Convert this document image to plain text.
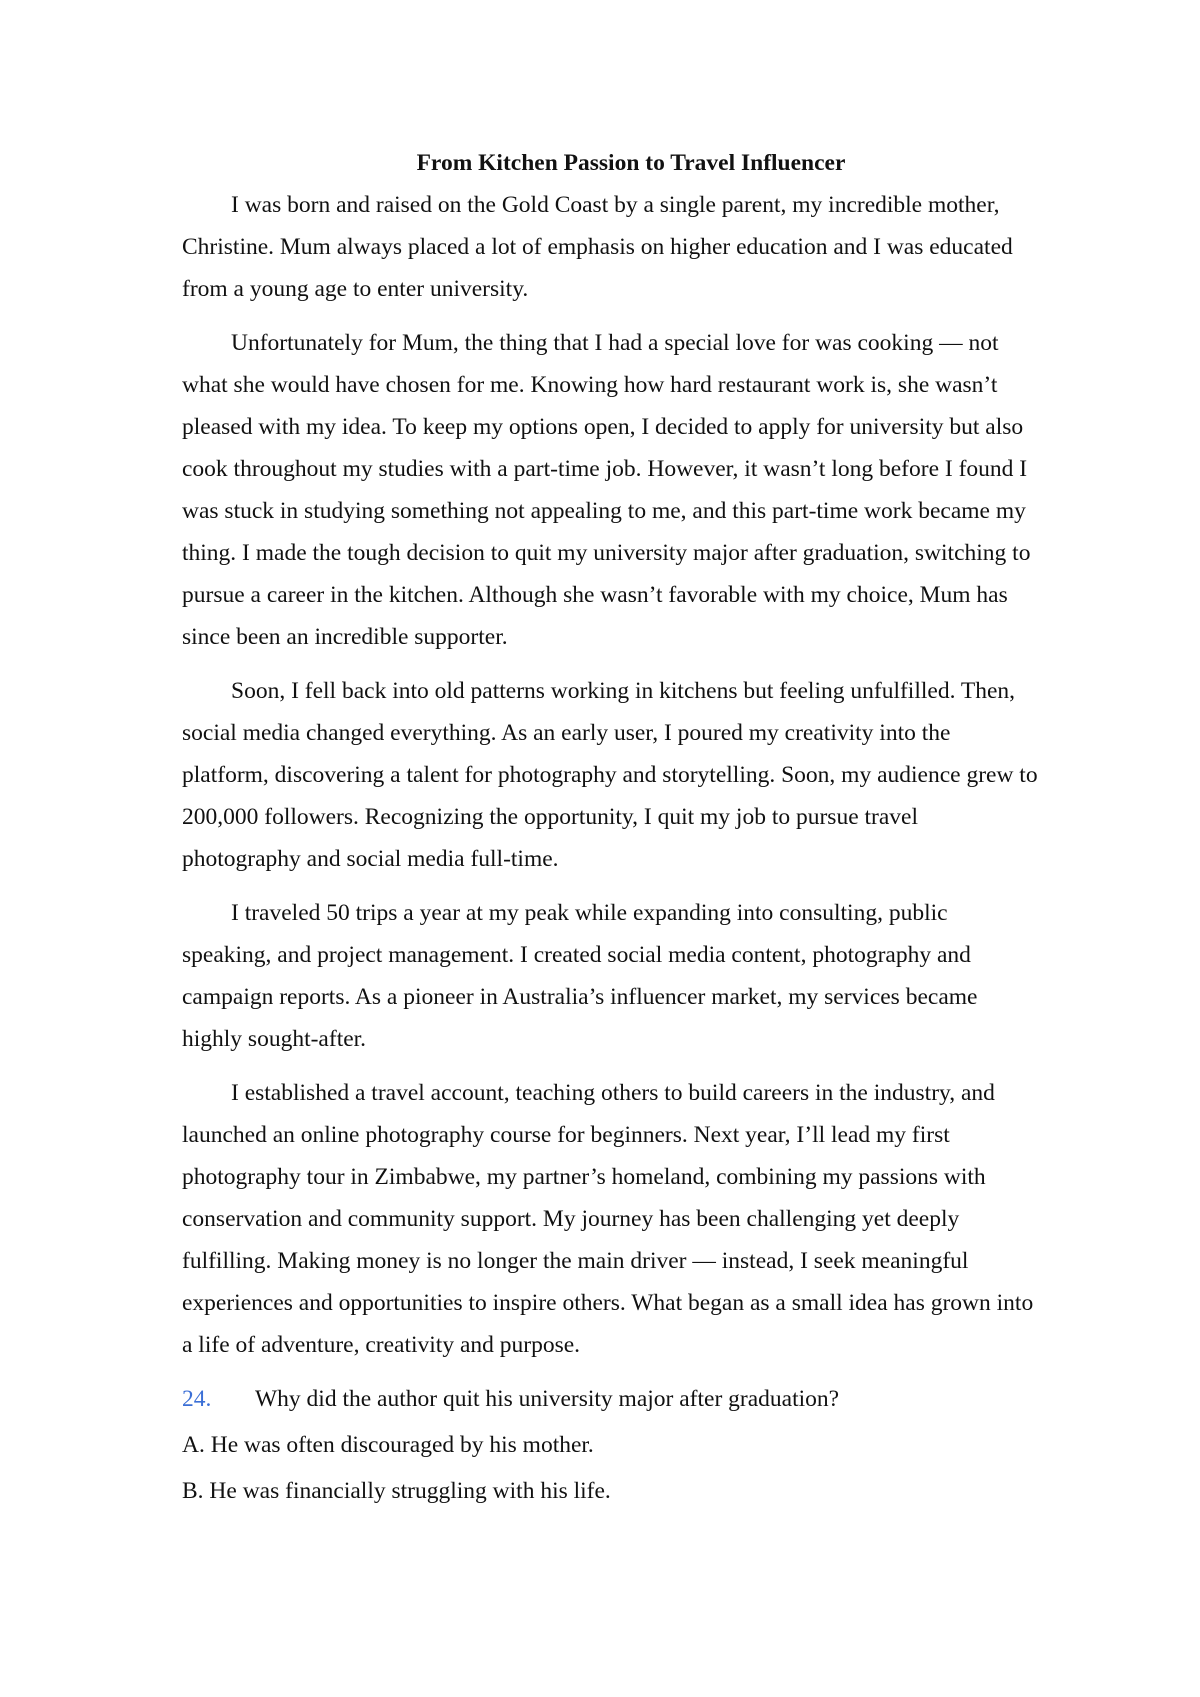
From Kitchen Passion to Travel Influencer

I was born and raised on the Gold Coast by a single parent, my incredible mother, Christine. Mum always placed a lot of emphasis on higher education and I was educated from a young age to enter university.

Unfortunately for Mum, the thing that I had a special love for was cooking — not what she would have chosen for me. Knowing how hard restaurant work is, she wasn’t pleased with my idea. To keep my options open, I decided to apply for university but also cook throughout my studies with a part-time job. However, it wasn’t long before I found I was stuck in studying something not appealing to me, and this part-time work became my thing. I made the tough decision to quit my university major after graduation, switching to pursue a career in the kitchen. Although she wasn’t favorable with my choice, Mum has since been an incredible supporter.

Soon, I fell back into old patterns working in kitchens but feeling unfulfilled. Then, social media changed everything. As an early user, I poured my creativity into the platform, discovering a talent for photography and storytelling. Soon, my audience grew to 200,000 followers. Recognizing the opportunity, I quit my job to pursue travel photography and social media full-time.

I traveled 50 trips a year at my peak while expanding into consulting, public speaking, and project management. I created social media content, photography and campaign reports. As a pioneer in Australia’s influencer market, my services became highly sought-after.

I established a travel account, teaching others to build careers in the industry, and launched an online photography course for beginners. Next year, I’ll lead my first photography tour in Zimbabwe, my partner’s homeland, combining my passions with conservation and community support. My journey has been challenging yet deeply fulfilling. Making money is no longer the main driver — instead, I seek meaningful experiences and opportunities to inspire others. What began as a small idea has grown into a life of adventure, creativity and purpose.

24. Why did the author quit his university major after graduation?
A. He was often discouraged by his mother.
B. He was financially struggling with his life.
